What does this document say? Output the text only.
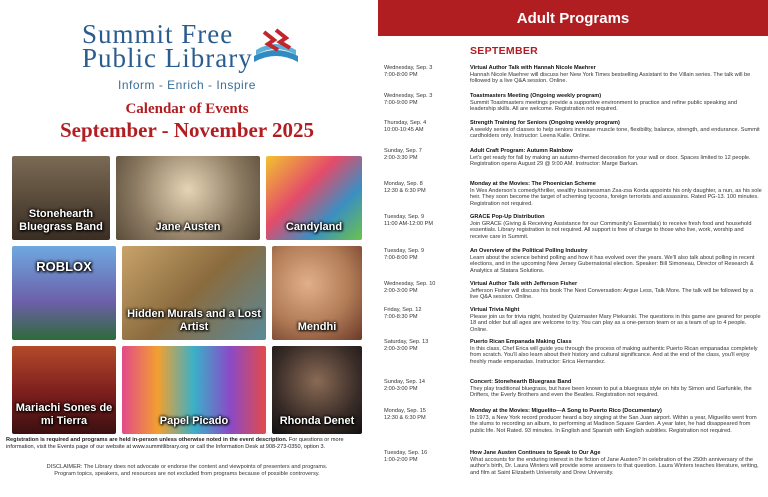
Summit Free
Public Library
Inform - Enrich - Inspire
Calendar of Events
September - November 2025
Stonehearth Bluegrass Band	Jane Austen	Candyland
ROBLOX
Hidden Murals and a Lost Artist	Mendhi
Mariachi Sones de mi Tierra	Papel Picado	Rhonda Denet
Registration is required and programs are held in-person unless otherwise noted in the event description. For questions or more information, visit the Events page of our website at www.summitlibrary.org or call the Information Desk at 908-273-0350, option 3.
DISCLAIMER: The Library does not advocate or endorse the content and viewpoints of presenters and programs.
Program topics, speakers, and resources are not excluded from programs because of possible controversy.
Adult Programs
SEPTEMBER
Wednesday, Sep. 3
7:00-8:00 PM
Virtual Author Talk with Hannah Nicole Maehrer
Hannah Nicole Maehrer will discuss her New York Times bestselling Assistant to the Villain series. The talk will be followed by a live Q&A session. Online.
Wednesday, Sep. 3
7:00-9:00 PM
Toastmasters Meeting (Ongoing weekly program)
Summit Toastmasters meetings provide a supportive environment to practice and refine public speaking and leadership skills. All are welcome. Registration not required.
Thursday, Sep. 4
10:00-10:45 AM
Strength Training for Seniors (Ongoing weekly program)
A weekly series of classes to help seniors increase muscle tone, flexibility, balance, strength, and endurance. Summit cardholders only. Instructor: Leena Kalle. Online.
Sunday, Sep. 7
2:00-3:30 PM
Adult Craft Program: Autumn Rainbow
Let's get ready for fall by making an autumn-themed decoration for your wall or door. Spaces limited to 12 people. Registration opens August 29 @ 9:00 AM. Instructor: Marge Barkan.
Monday, Sep. 8
12:30 & 6:30 PM
Monday at the Movies: The Phoenician Scheme
In Wes Anderson's comedy/thriller, wealthy businessman Zsa-zsa Korda appoints his only daughter, a nun, as his sole heir. They soon become the target of scheming tycoons, foreign terrorists and assassins. Rated PG-13. 100 minutes. Registration not required.
Tuesday, Sep. 9
11:00 AM-12:00 PM
GRACE Pop-Up Distribution
Join GRACE (Giving & Receiving Assistance for our Community's Essentials) to receive fresh food and household essentials. Library registration is not required. All support is free of charge to those who live, work, worship and receive care in Summit.
Tuesday, Sep. 9
7:00-8:00 PM
An Overview of the Political Polling Industry
Learn about the science behind polling and how it has evolved over the years. We'll also talk about polling in recent elections, and in the upcoming New Jersey Gubernatorial election. Speaker: Bill Simoneau, Director of Research & Analytics at Statara Solutions.
Wednesday, Sep. 10
2:00-3:00 PM
Virtual Author Talk with Jefferson Fisher
Jefferson Fisher will discuss his book The Next Conversation: Argue Less, Talk More. The talk will be followed by a live Q&A session. Online.
Friday, Sep. 12
7:00-8:30 PM
Virtual Trivia Night
Please join us for trivia night, hosted by Quizmaster Mary Piekarski. The questions in this game are geared for people 18 and older but all ages are welcome to try. You can play as a one-person team or as a team of up to 4 people. Online.
Saturday, Sep. 13
2:00-3:00 PM
Puerto Rican Empanada Making Class
In this class, Chef Erica will guide you through the process of making authentic Puerto Rican empanadas completely from scratch. You'll also learn about their history and cultural significance. And at the end of the class, you'll enjoy freshly made empanadas. Instructor: Erica Hernandez.
Sunday, Sep. 14
2:00-3:00 PM
Concert: Stonehearth Bluegrass Band
They play traditional bluegrass, but have been known to put a bluegrass style on hits by Simon and Garfunkle, the Drifters, the Everly Brothers and even the Beatles. Registration not required.
Monday, Sep. 15
12:30 & 6:30 PM
Monday at the Movies: Miguelito—A Song to Puerto Rico (Documentary)
In 1973, a New York record producer heard a boy singing at the San Juan airport. Within a year, Miguelito went from the slums to recording an album, to performing at Madison Square Garden. A year later, he had disappeared from public life. Not Rated. 93 minutes. In English and Spanish with English subtitles. Registration not required.
Tuesday, Sep. 16
1:00-2:00 PM
How Jane Austen Continues to Speak to Our Age
What accounts for the enduring interest in the fiction of Jane Austen? In celebration of the 250th anniversary of the author's birth, Dr. Laura Winters will provide some answers to that question. Laura Winters teaches literature, writing, and film at Saint Elizabeth University and Drew University.
